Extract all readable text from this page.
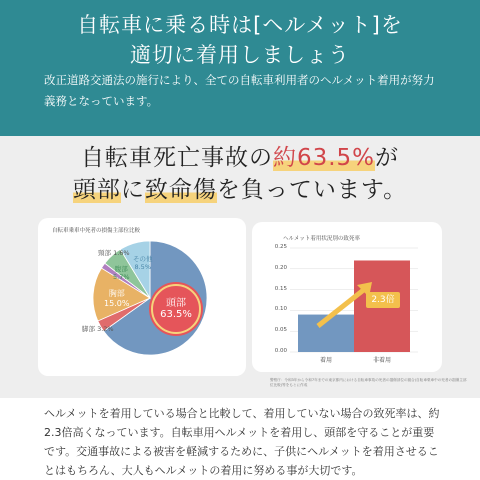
自転車に乗る時は[ヘルメット]を
適切に着用しましょう
改正道路交通法の施行により、全ての自転車利用者のヘルメット着用が努力義務となっています。
自転車死亡事故の約63.5%が
頭部に致命傷を負っています。
自転車乗車中死者の損傷主部位比較
頸部 1.6%
腹部
5.7%
その他
8.5%
胸部
15.0%
脚部 3.2%
頭部
63.5%
ヘルメット着用状況別の致死率
0.00
0.05
0.10
0.15
0.20
0.25
着用	非着用
2.3倍
警察庁：令和3年から令和7年までの東京都内における自転車事故の死者の損傷部位の割合(自転車乗車中の死者の損傷主部位比較)等をもとに作成
ヘルメットを着用している場合と比較して、着用していない場合の致死率は、約2.3倍高くなっています。自転車用ヘルメットを着用し、頭部を守ることが重要です。交通事故による被害を軽減するために、子供にヘルメットを着用させることはもちろん、大人もヘルメットの着用に努める事が大切です。
